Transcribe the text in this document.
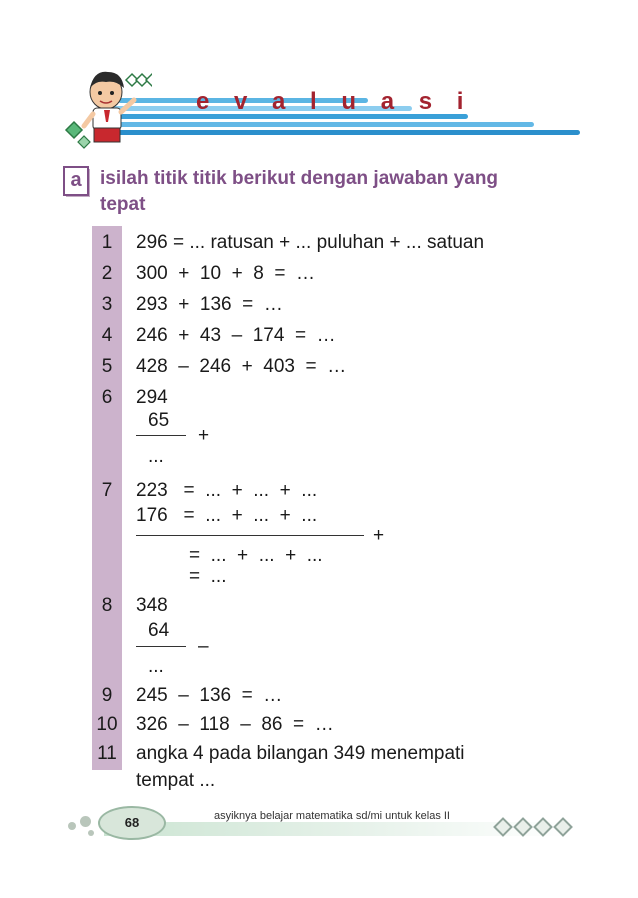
e v a l u a s i
a isilah titik titik berikut dengan jawaban yang
tepat
1	296 = ... ratusan + ... puluhan + ... satuan
2	300  +  10  +  8  =  …
3	293  +  136  =  …
4	246  +  43  –  174  =  …
5	428  –  246  +  403  =  …
6	294
65
+
...
7	223   =  ...  +  ...  +  ...
176   =  ...  +  ...  +  ...
+
=  ...  +  ...  +  ...
=  ...
8	348
64
–
...
9	245  –  136  =  …
10 326  –  118  –  86  =  …
11 angka 4 pada bilangan 349 menempati
tempat ...
68	asyiknya belajar matematika sd/mi untuk kelas II
